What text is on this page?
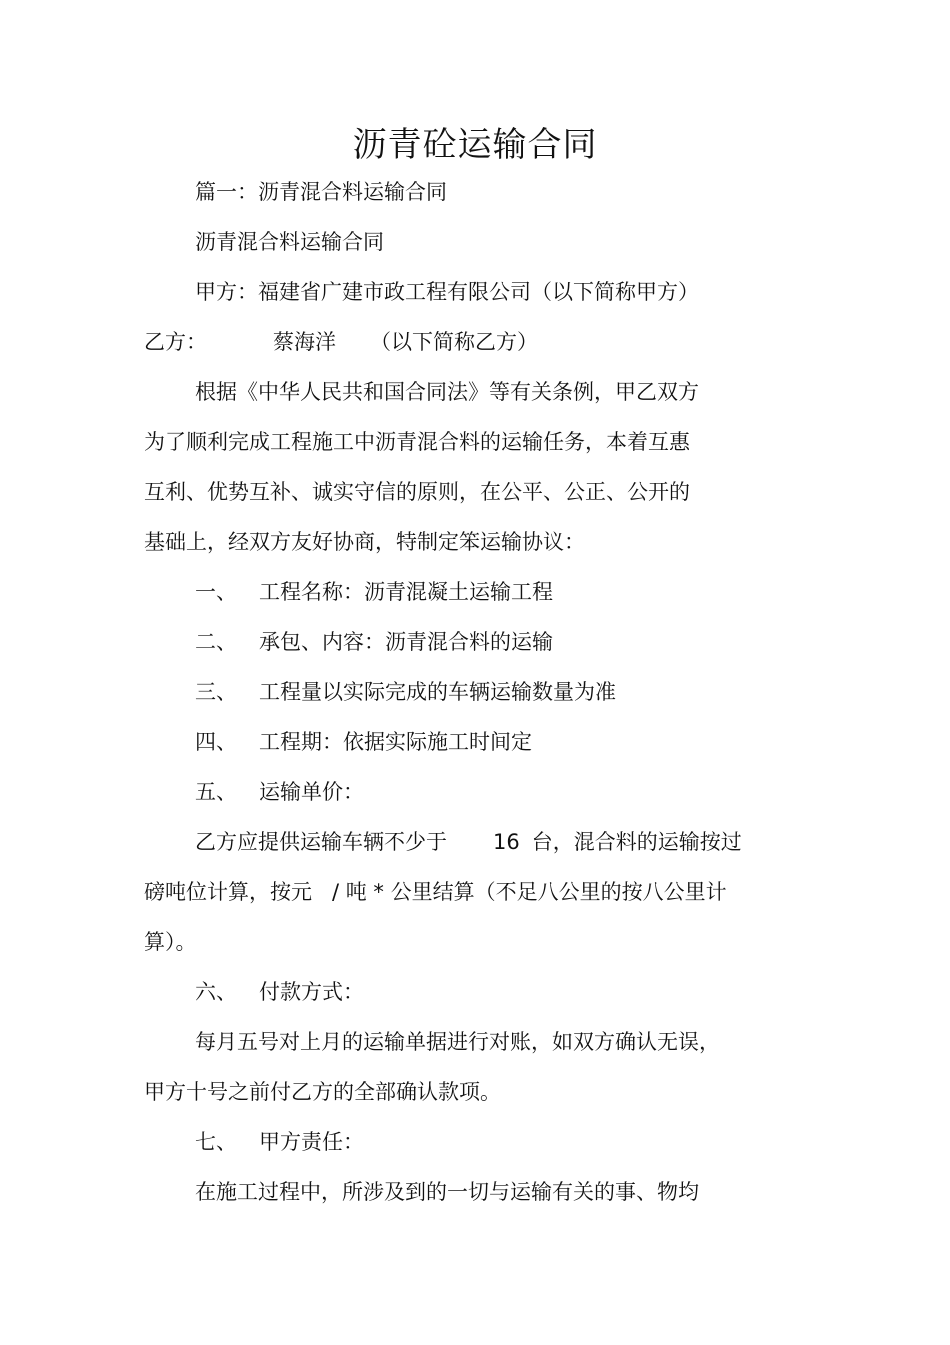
沥青砼运输合同
篇一：沥青混合料运输合同
沥青混合料运输合同
甲方：福建省广建市政工程有限公司（以下简称甲方）
乙方：	蔡海洋 （以下简称乙方）
根据《中华人民共和国合同法》等有关条例，甲乙双方
为了顺利完成工程施工中沥青混合料的运输任务，本着互惠
互利、优势互补、诚实守信的原则，在公平、公正、公开的
基础上，经双方友好协商，特制定笨运输协议：
一、 工程名称：沥青混凝土运输工程
二、 承包、内容：沥青混合料的运输
三、 工程量以实际完成的车辆运输数量为准
四、 工程期：依据实际施工时间定
五、 运输单价：
乙方应提供运输车辆不少于 16 台，混合料的运输按过
磅吨位计算，按元 / 吨 * 公里结算（不足八公里的按八公里计
算）。
六、 付款方式：
每月五号对上月的运输单据进行对账，如双方确认无误，
甲方十号之前付乙方的全部确认款项。
七、 甲方责任：
在施工过程中，所涉及到的一切与运输有关的事、物均
